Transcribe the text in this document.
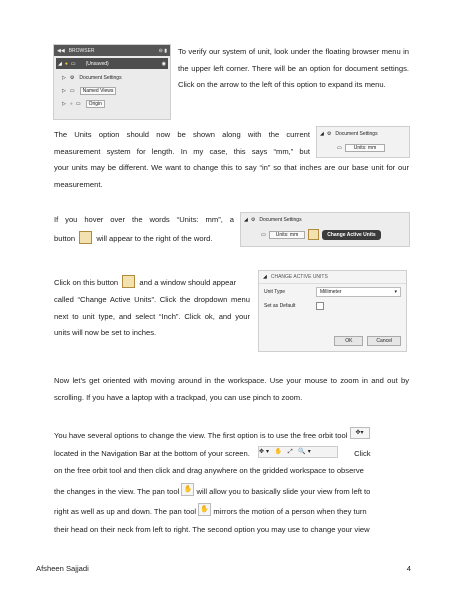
◀◀ BROWSER	⊖ ▮
◢ ● ▭ (Unsaved)	◉
▷ ⚙ Document Settings
▷ ▭	Named Views
▷ ● ▭	Origin

To verify our system of unit, look under the floating browser menu in the upper left corner. There will be an option for document settings. Click on the arrow to the left of this option to expand its menu.

The Units option should now be shown along with the current

measurement system for length. In my case, this says “mm,” but

your units may be different. We want to change this to say “in” so that inches are our base unit for our measurement.

◢ ⚙ Document Settings
▭	Units: mm

If you hover over the words “Units: mm”, a

button	will appear to the right of the word.

◢ ⚙ Document Settings
▭	Units: mm	Change Active Units

Click on this button	and a window should appear

called “Change Active Units”. Click the dropdown menu next to unit type, and select “Inch”. Click ok, and your units will now be set to inches.

◢ CHANGE ACTIVE UNITS
Unit Type	Millimeter	▾
Set as Default
OK	Cancel

Now let’s get oriented with moving around in the workspace. Use your mouse to zoom in and out by scrolling. If you have a laptop with a trackpad, you can use pinch to zoom.

You have several options to change the view. The first option is to use the free orbit tool ✥▾

located in the Navigation Bar at the bottom of your screen. ✥▾ ✋ ⤢ 🔍▾	Click

on the free orbit tool and then click and drag anywhere on the gridded workspace to observe

the changes in the view. The pan tool ✋ will allow you to basically slide your view from left to

right as well as up and down. The pan tool ✋ mirrors the motion of a person when they turn

their head on their neck from left to right. The second option you may use to change your view

Afsheen Sajjadi	4
